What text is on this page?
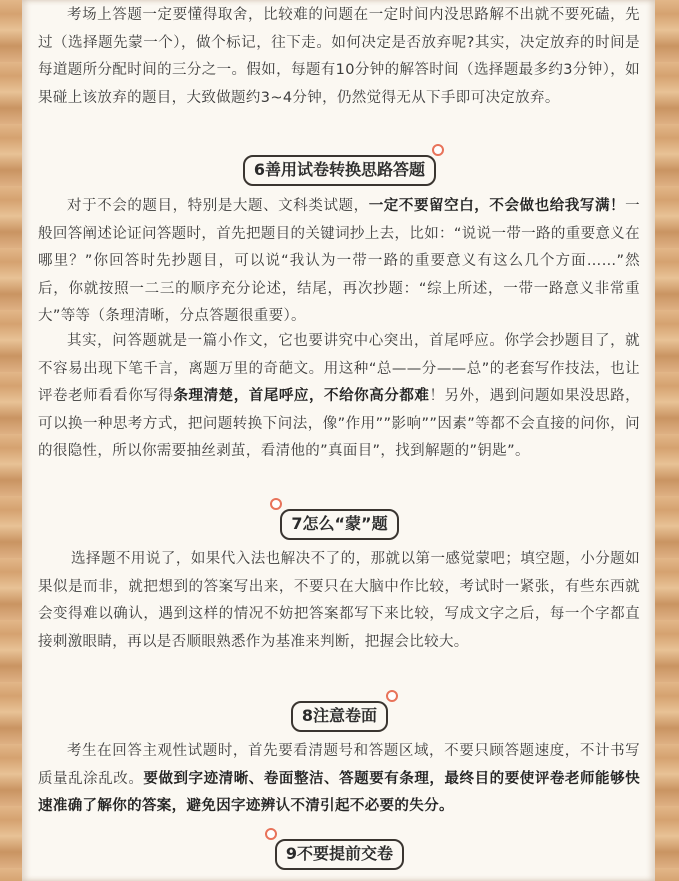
考场上答题一定要懂得取舍，比较难的问题在一定时间内没思路解不出就不要死磕，先过（选择题先蒙一个），做个标记，往下走。如何决定是否放弃呢?其实，决定放弃的时间是每道题所分配时间的三分之一。假如，每题有10分钟的解答时间（选择题最多约3分钟），如果碰上该放弃的题目，大致做题约3~4分钟，仍然觉得无从下手即可决定放弃。

6善用试卷转换思路答题

对于不会的题目，特别是大题、文科类试题，一定不要留空白，不会做也给我写满！一般回答阐述论证问答题时，首先把题目的关键词抄上去，比如：“说说一带一路的重要意义在哪里？”你回答时先抄题目，可以说“我认为一带一路的重要意义有这么几个方面……”然后，你就按照一二三的顺序充分论述，结尾，再次抄题：“综上所述，一带一路意义非常重大”等等（条理清晰，分点答题很重要）。

其实，问答题就是一篇小作文，它也要讲究中心突出，首尾呼应。你学会抄题目了，就不容易出现下笔千言，离题万里的奇葩文。用这种“总——分——总”的老套写作技法，也让评卷老师看看你写得条理清楚，首尾呼应，不给你高分都难！另外，遇到问题如果没思路，可以换一种思考方式，把问题转换下问法，像”作用””影响””因素”等都不会直接的问你，问的很隐性，所以你需要抽丝剥茧，看清他的”真面目”，找到解题的”钥匙”。

7怎么“蒙”题

选择题不用说了，如果代入法也解决不了的，那就以第一感觉蒙吧；填空题，小分题如果似是而非，就把想到的答案写出来，不要只在大脑中作比较，考试时一紧张，有些东西就会变得难以确认，遇到这样的情况不妨把答案都写下来比较，写成文字之后，每一个字都直接刺激眼睛，再以是否顺眼熟悉作为基准来判断，把握会比较大。

8注意卷面

考生在回答主观性试题时，首先要看清题号和答题区域，不要只顾答题速度，不计书写质量乱涂乱改。要做到字迹清晰、卷面整洁、答题要有条理，最终目的要使评卷老师能够快速准确了解你的答案，避免因字迹辨认不清引起不必要的失分。

9不要提前交卷
